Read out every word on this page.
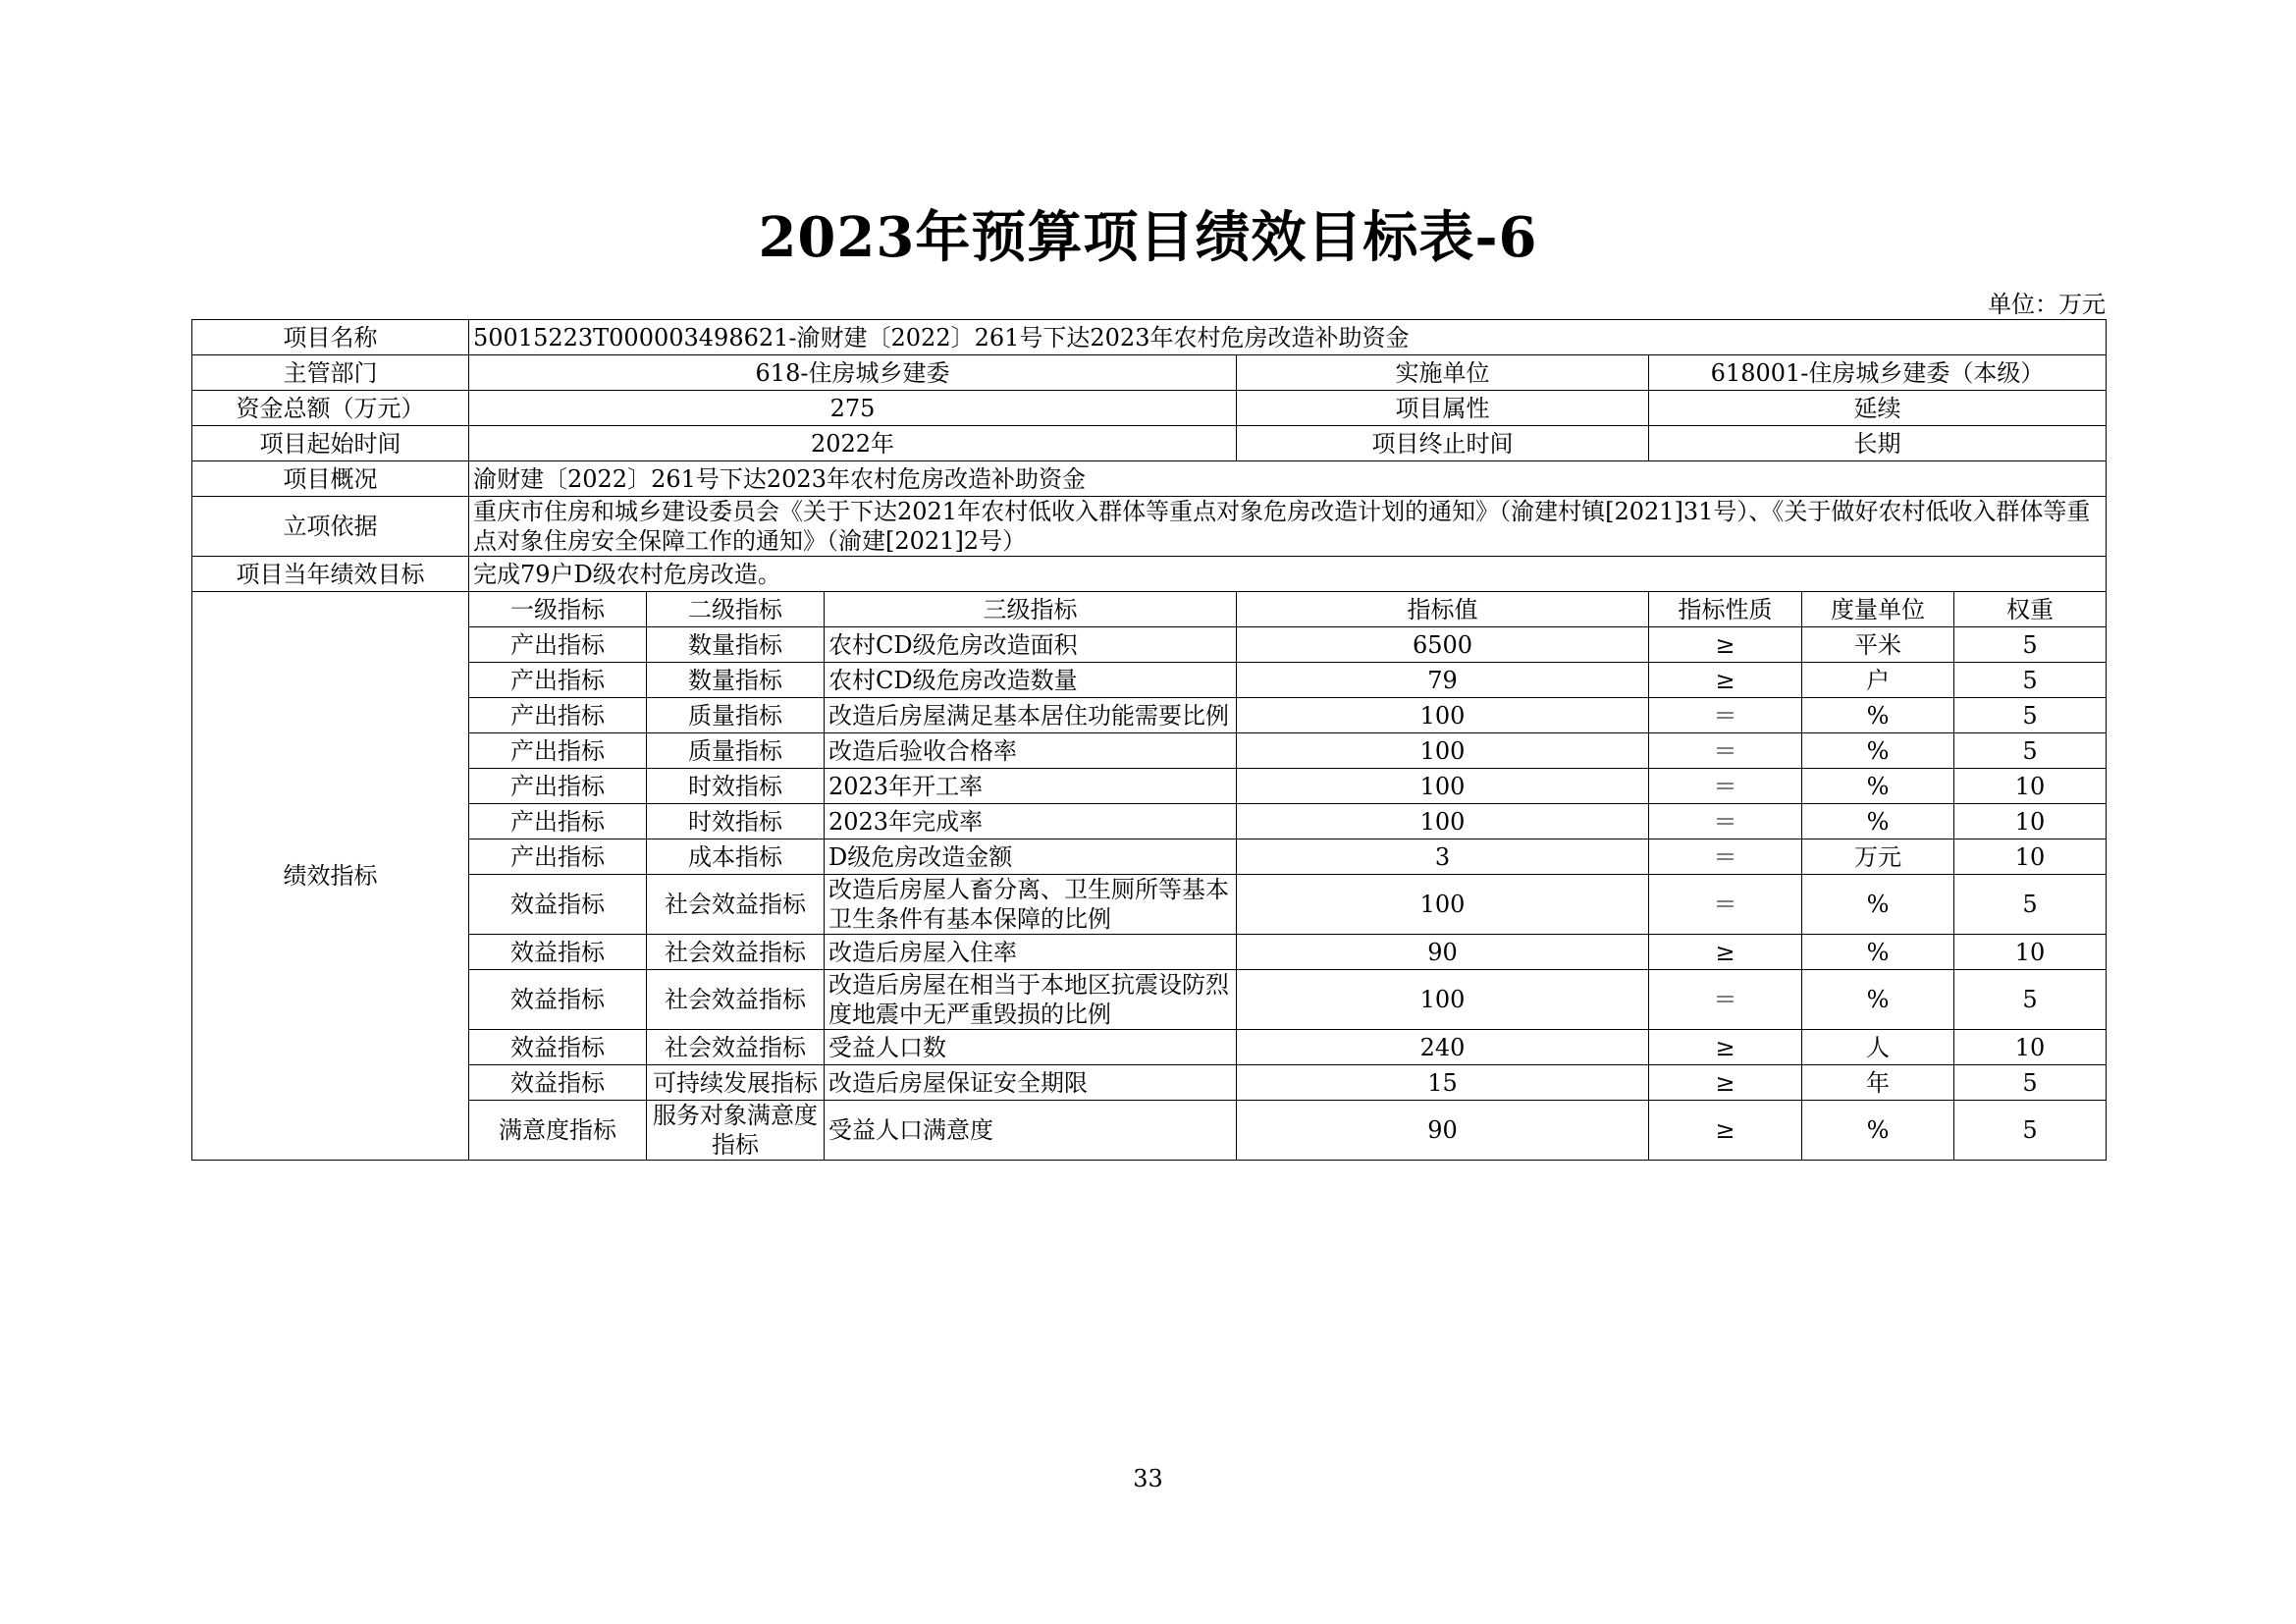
2023年预算项目绩效目标表-6
单位：万元
项目名称	50015223T000003498621-渝财建〔2022〕261号下达2023年农村危房改造补助资金						
主管部门	618-住房城乡建委			实施单位	618001-住房城乡建委（本级）		
资金总额（万元）	275			项目属性	延续		
项目起始时间	2022年			项目终止时间	长期		
项目概况	渝财建〔2022〕261号下达2023年农村危房改造补助资金						
立项依据	重庆市住房和城乡建设委员会《关于下达2021年农村低收入群体等重点对象危房改造计划的通知》（渝建村镇[2021]31号）、《关于做好农村低收入群体等重点对象住房安全保障工作的通知》（渝建[2021]2号）						
项目当年绩效目标	完成79户D级农村危房改造。						
绩效指标	一级指标	二级指标	三级指标	指标值	指标性质	度量单位	权重
	产出指标	数量指标	农村CD级危房改造面积	6500	≥	平米	5
	产出指标	数量指标	农村CD级危房改造数量	79	≥	户	5
	产出指标	质量指标	改造后房屋满足基本居住功能需要比例	100	＝	%	5
	产出指标	质量指标	改造后验收合格率	100	＝	%	5
	产出指标	时效指标	2023年开工率	100	＝	%	10
	产出指标	时效指标	2023年完成率	100	＝	%	10
	产出指标	成本指标	D级危房改造金额	3	＝	万元	10
	效益指标	社会效益指标	改造后房屋人畜分离、卫生厕所等基本卫生条件有基本保障的比例	100	＝	%	5
	效益指标	社会效益指标	改造后房屋入住率	90	≥	%	10
	效益指标	社会效益指标	改造后房屋在相当于本地区抗震设防烈度地震中无严重毁损的比例	100	＝	%	5
	效益指标	社会效益指标	受益人口数	240	≥	人	10
	效益指标	可持续发展指标	改造后房屋保证安全期限	15	≥	年	5
	满意度指标	服务对象满意度指标	受益人口满意度	90	≥	%	5
33
